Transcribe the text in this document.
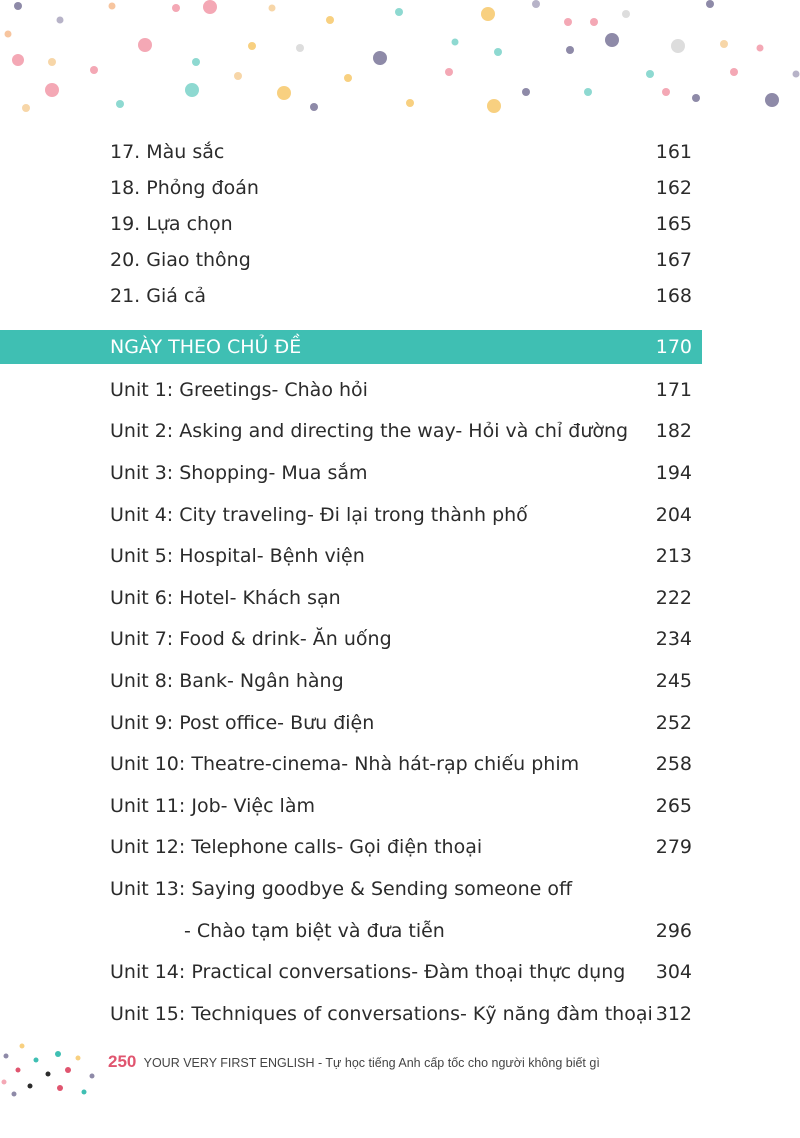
17. Màu sắc	161
18. Phỏng đoán	162
19. Lựa chọn	165
20. Giao thông	167
21. Giá cả	168
NGÀY THEO CHỦ ĐỀ	170
Unit 1: Greetings- Chào hỏi	171
Unit 2: Asking and directing the way- Hỏi và chỉ đường 182
Unit 3: Shopping- Mua sắm	194
Unit 4: City traveling- Đi lại trong thành phố	204
Unit 5: Hospital- Bệnh viện	213
Unit 6: Hotel- Khách sạn	222
Unit 7: Food & drink- Ăn uống	234
Unit 8: Bank- Ngân hàng	245
Unit 9: Post office- Bưu điện	252
Unit 10: Theatre-cinema- Nhà hát-rạp chiếu phim	258
Unit 11: Job- Việc làm	265
Unit 12: Telephone calls- Gọi điện thoại	279
Unit 13: Saying goodbye & Sending someone off
- Chào tạm biệt và đưa tiễn	296
Unit 14: Practical conversations- Đàm thoại thực dụng 304
Unit 15: Techniques of conversations- Kỹ năng đàm thoại 312
250 YOUR VERY FIRST ENGLISH - Tự học tiếng Anh cấp tốc cho người không biết gì
